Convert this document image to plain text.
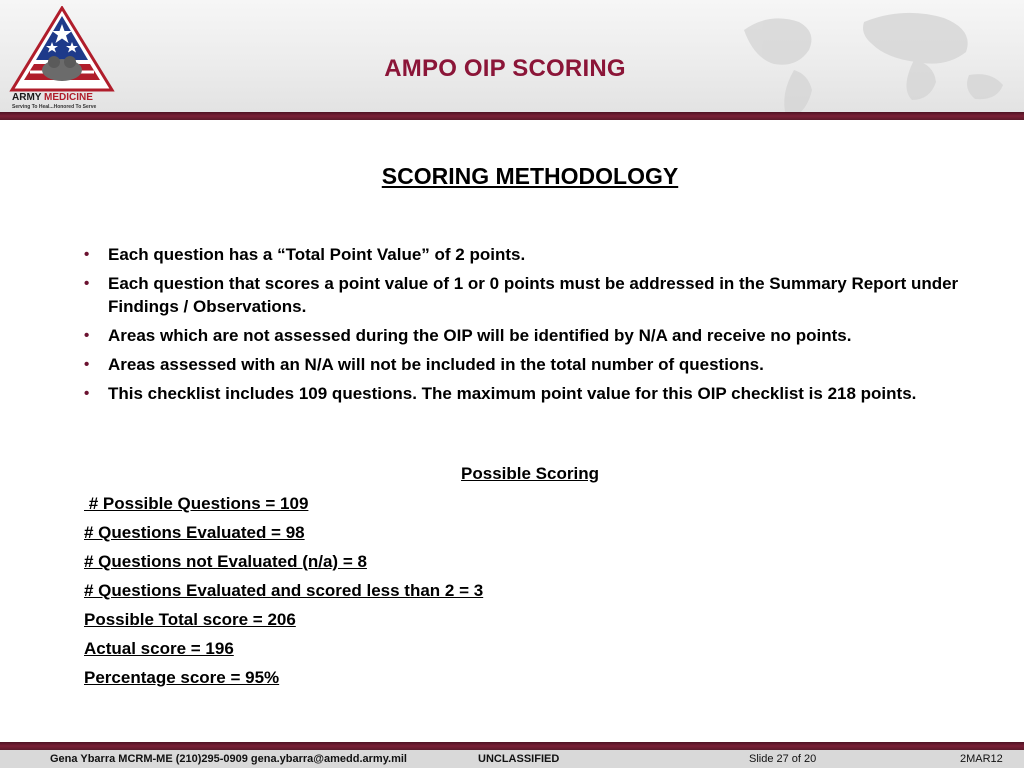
ARMY MEDICINE
Serving To Heal...Honored To Serve
AMPO OIP SCORING
SCORING METHODOLOGY
• Each question has a “Total Point Value” of 2 points.
• Each question that scores a point value of 1 or 0 points must be addressed in the Summary Report under Findings / Observations.
• Areas which are not assessed during the OIP will be identified by N/A and receive no points.
• Areas assessed with an N/A will not be included in the total number of questions.
• This checklist includes 109 questions. The maximum point value for this OIP checklist is 218 points.
Possible Scoring
# Possible Questions = 109
# Questions Evaluated = 98
# Questions not Evaluated (n/a) = 8
# Questions Evaluated and scored less than 2 = 3
Possible Total score = 206
Actual score = 196
Percentage score = 95%
Gena Ybarra MCRM-ME (210)295-0909 gena.ybarra@amedd.army.mil	UNCLASSIFIED	Slide 27 of 20	2MAR12
